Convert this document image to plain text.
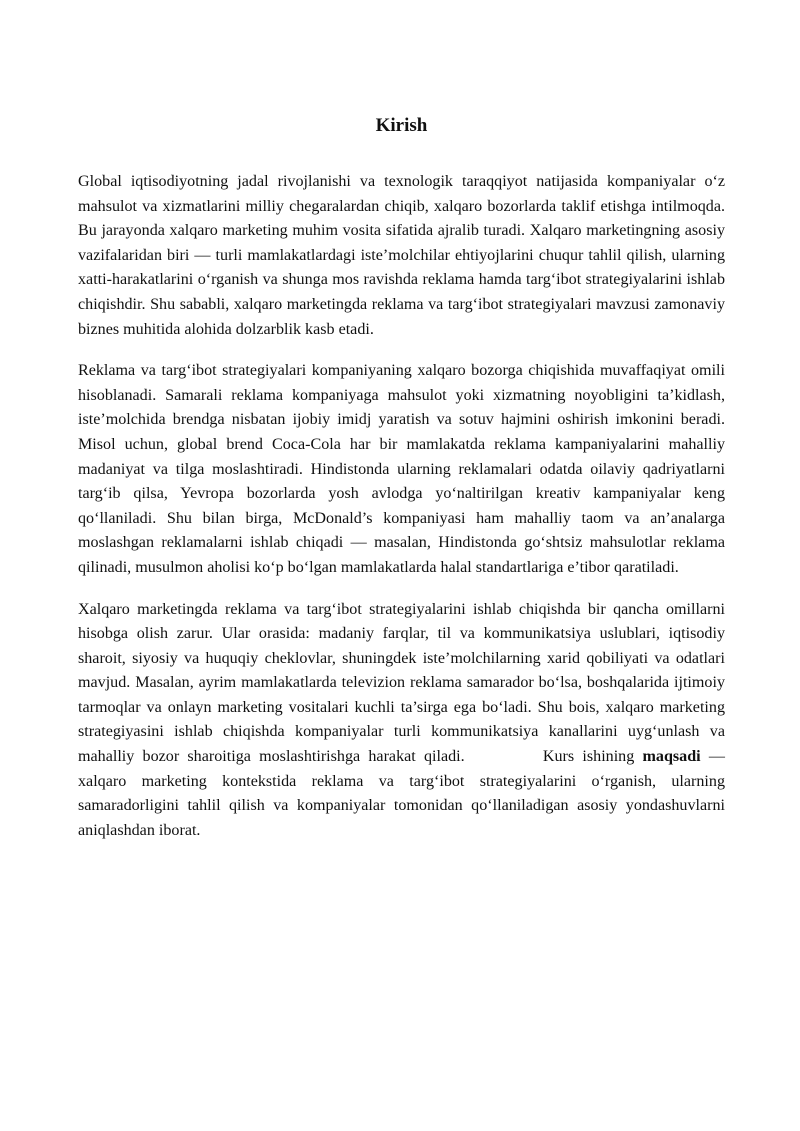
Kirish

Global iqtisodiyotning jadal rivojlanishi va texnologik taraqqiyot natijasida kompaniyalar o‘z mahsulot va xizmatlarini milliy chegaralardan chiqib, xalqaro bozorlarda taklif etishga intilmoqda. Bu jarayonda xalqaro marketing muhim vosita sifatida ajralib turadi. Xalqaro marketingning asosiy vazifalaridan biri — turli mamlakatlardagi iste’molchilar ehtiyojlarini chuqur tahlil qilish, ularning xatti-harakatlarini o‘rganish va shunga mos ravishda reklama hamda targ‘ibot strategiyalarini ishlab chiqishdir. Shu sababli, xalqaro marketingda reklama va targ‘ibot strategiyalari mavzusi zamonaviy biznes muhitida alohida dolzarblik kasb etadi.

Reklama va targ‘ibot strategiyalari kompaniyaning xalqaro bozorga chiqishida muvaffaqiyat omili hisoblanadi. Samarali reklama kompaniyaga mahsulot yoki xizmatning noyobligini ta’kidlash, iste’molchida brendga nisbatan ijobiy imidj yaratish va sotuv hajmini oshirish imkonini beradi. Misol uchun, global brend Coca-Cola har bir mamlakatda reklama kampaniyalarini mahalliy madaniyat va tilga moslashtiradi. Hindistonda ularning reklamalari odatda oilaviy qadriyatlarni targ‘ib qilsa, Yevropa bozorlarda yosh avlodga yo‘naltirilgan kreativ kampaniyalar keng qo‘llaniladi. Shu bilan birga, McDonald’s kompaniyasi ham mahalliy taom va an’analarga moslashgan reklamalarni ishlab chiqadi — masalan, Hindistonda go‘shtsiz mahsulotlar reklama qilinadi, musulmon aholisi ko‘p bo‘lgan mamlakatlarda halal standartlariga e’tibor qaratiladi.

Xalqaro marketingda reklama va targ‘ibot strategiyalarini ishlab chiqishda bir qancha omillarni hisobga olish zarur. Ular orasida: madaniy farqlar, til va kommunikatsiya uslublari, iqtisodiy sharoit, siyosiy va huquqiy cheklovlar, shuningdek iste’molchilarning xarid qobiliyati va odatlari mavjud. Masalan, ayrim mamlakatlarda televizion reklama samarador bo‘lsa, boshqalarida ijtimoiy tarmoqlar va onlayn marketing vositalari kuchli ta’sirga ega bo‘ladi. Shu bois, xalqaro marketing strategiyasini ishlab chiqishda kompaniyalar turli kommunikatsiya kanallarini uyg‘unlash va mahalliy bozor sharoitiga moslashtirishga harakat qiladi.	Kurs ishining maqsadi — xalqaro marketing kontekstida reklama va targ‘ibot strategiyalarini o‘rganish, ularning samaradorligini tahlil qilish va kompaniyalar tomonidan qo‘llaniladigan asosiy yondashuvlarni aniqlashdan iborat.
